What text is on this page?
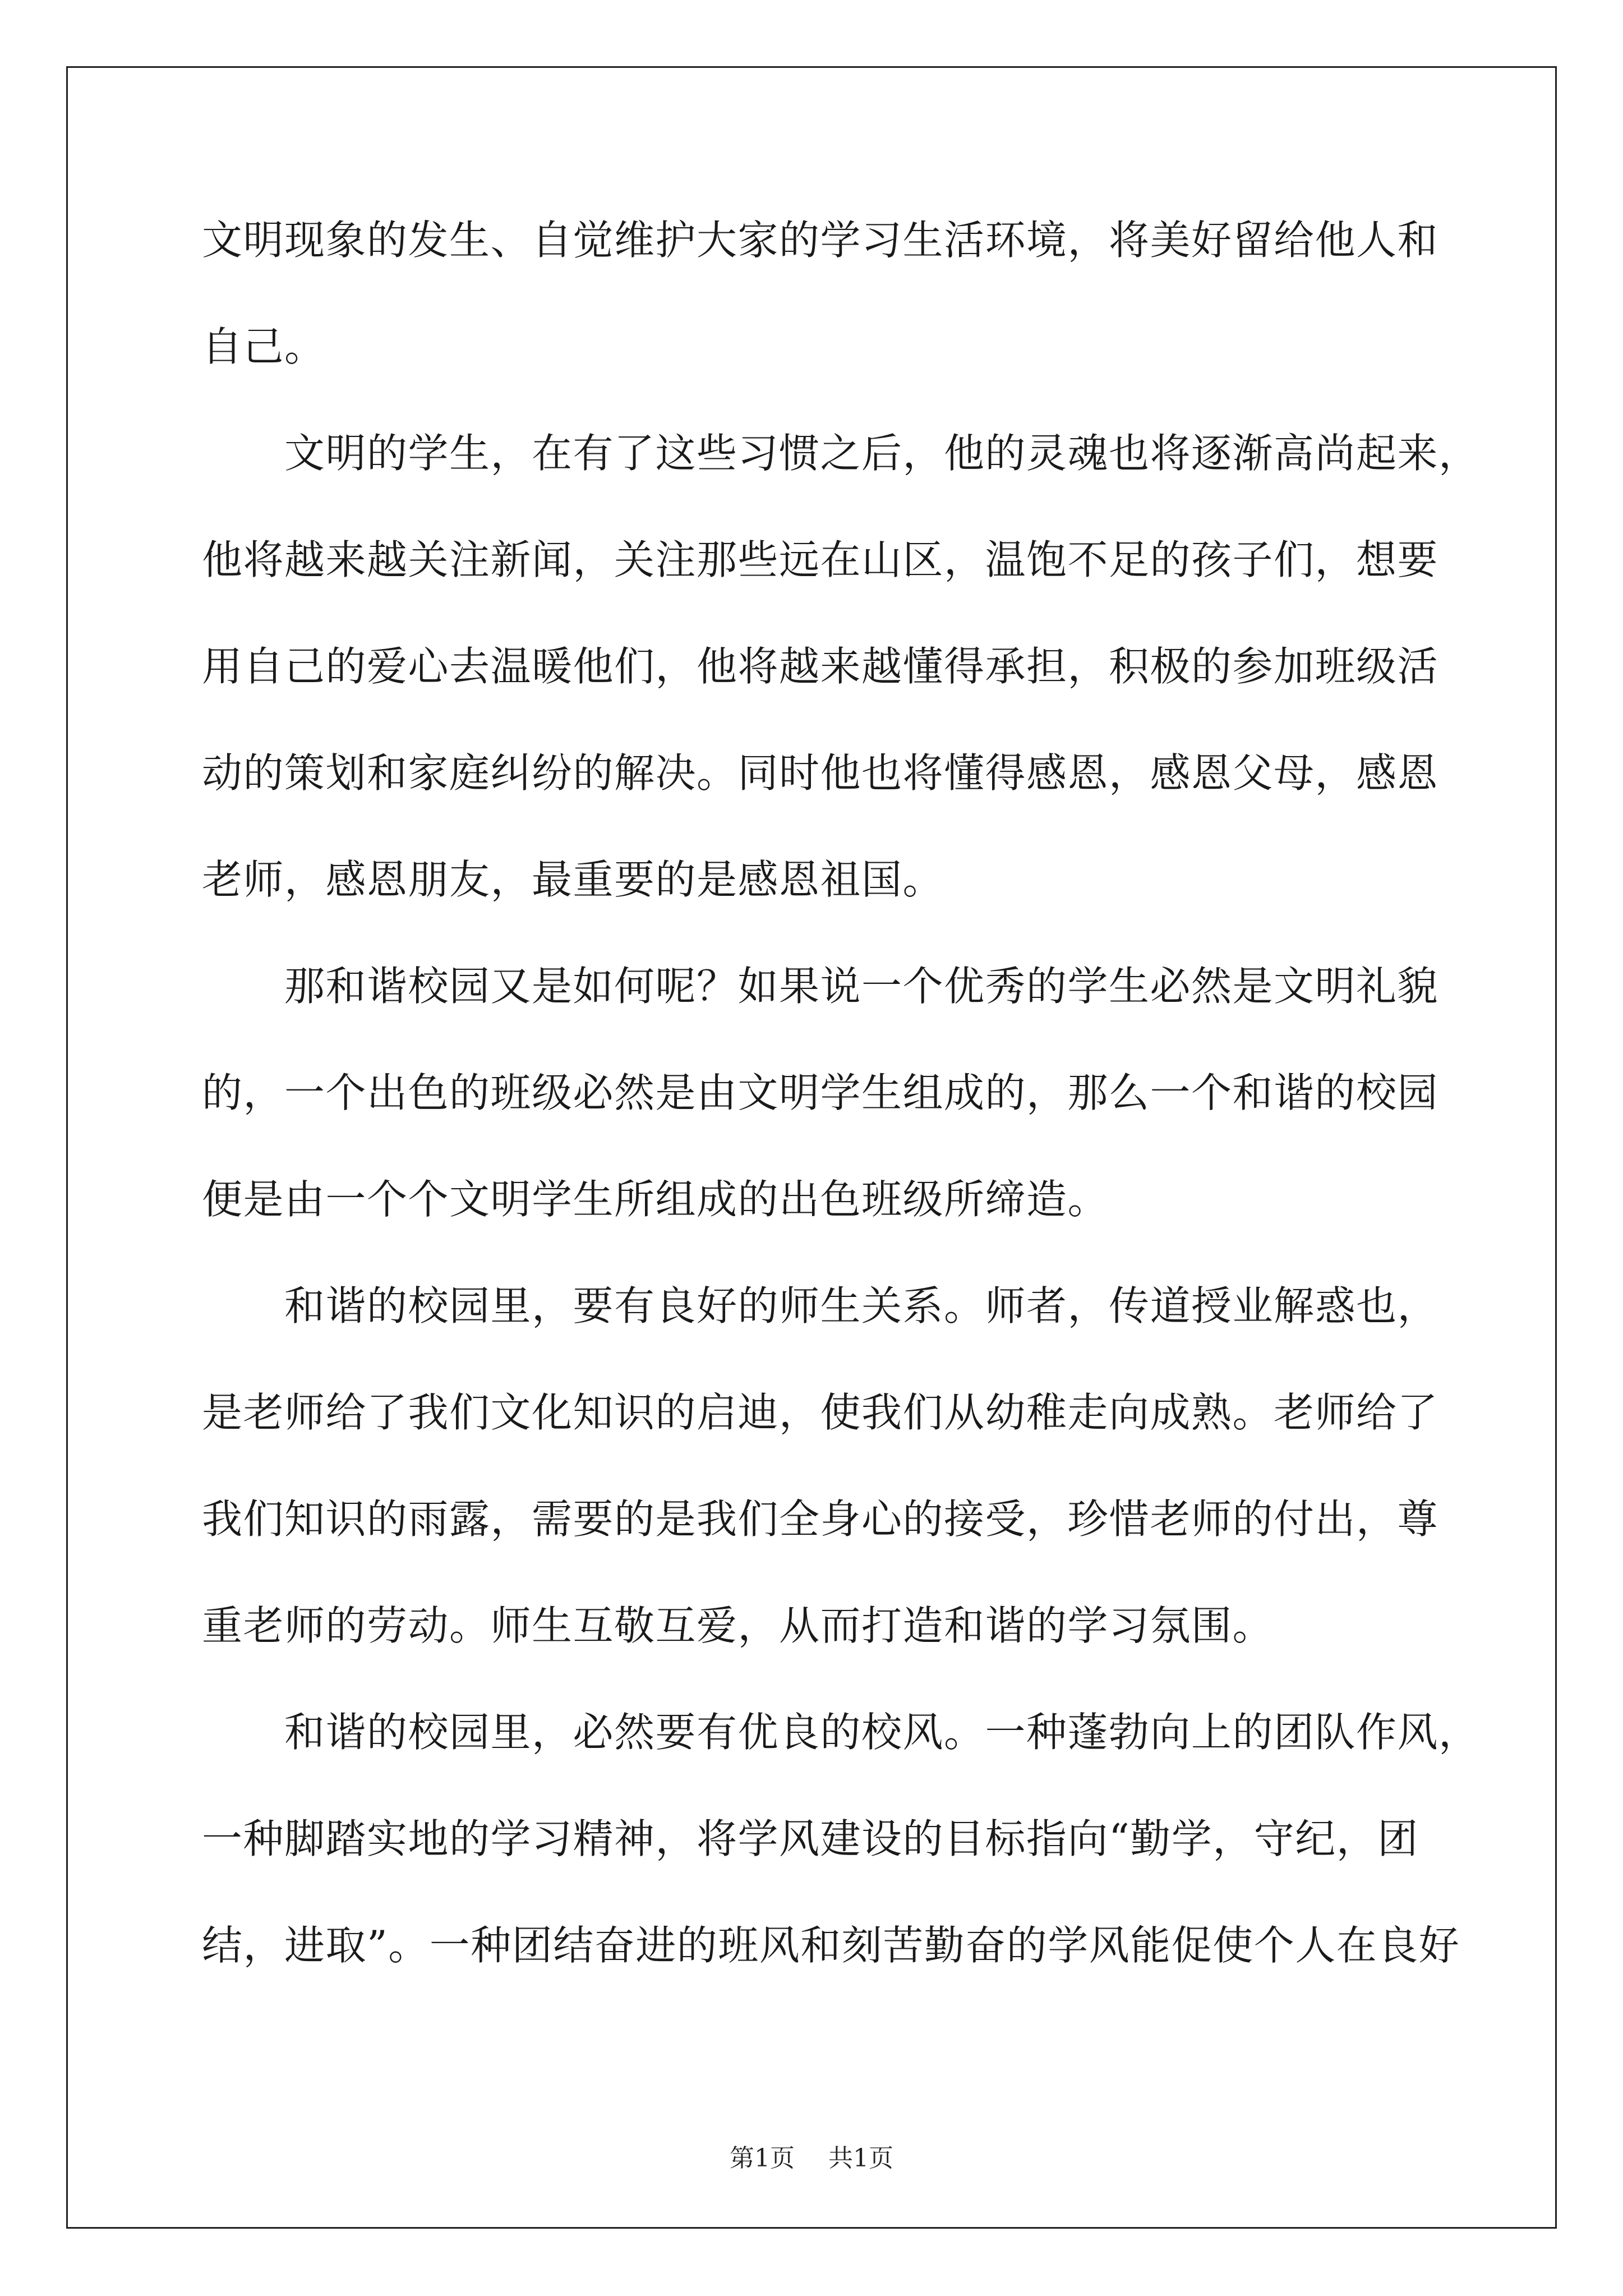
文明现象的发生、自觉维护大家的学习生活环境，将美好留给他人和
自己。
　　文明的学生，在有了这些习惯之后，他的灵魂也将逐渐高尚起来，
他将越来越关注新闻，关注那些远在山区，温饱不足的孩子们，想要
用自己的爱心去温暖他们，他将越来越懂得承担，积极的参加班级活
动的策划和家庭纠纷的解决。同时他也将懂得感恩，感恩父母，感恩
老师，感恩朋友，最重要的是感恩祖国。
　　那和谐校园又是如何呢？如果说一个优秀的学生必然是文明礼貌
的，一个出色的班级必然是由文明学生组成的，那么一个和谐的校园
便是由一个个文明学生所组成的出色班级所缔造。
　　和谐的校园里，要有良好的师生关系。师者，传道授业解惑也，
是老师给了我们文化知识的启迪，使我们从幼稚走向成熟。老师给了
我们知识的雨露，需要的是我们全身心的接受，珍惜老师的付出，尊
重老师的劳动。师生互敬互爱，从而打造和谐的学习氛围。
　　和谐的校园里，必然要有优良的校风。一种蓬勃向上的团队作风，
一种脚踏实地的学习精神，将学风建设的目标指向“勤学，守纪，团
结，进取”。一种团结奋进的班风和刻苦勤奋的学风能促使个人在良好
第1页 共1页
